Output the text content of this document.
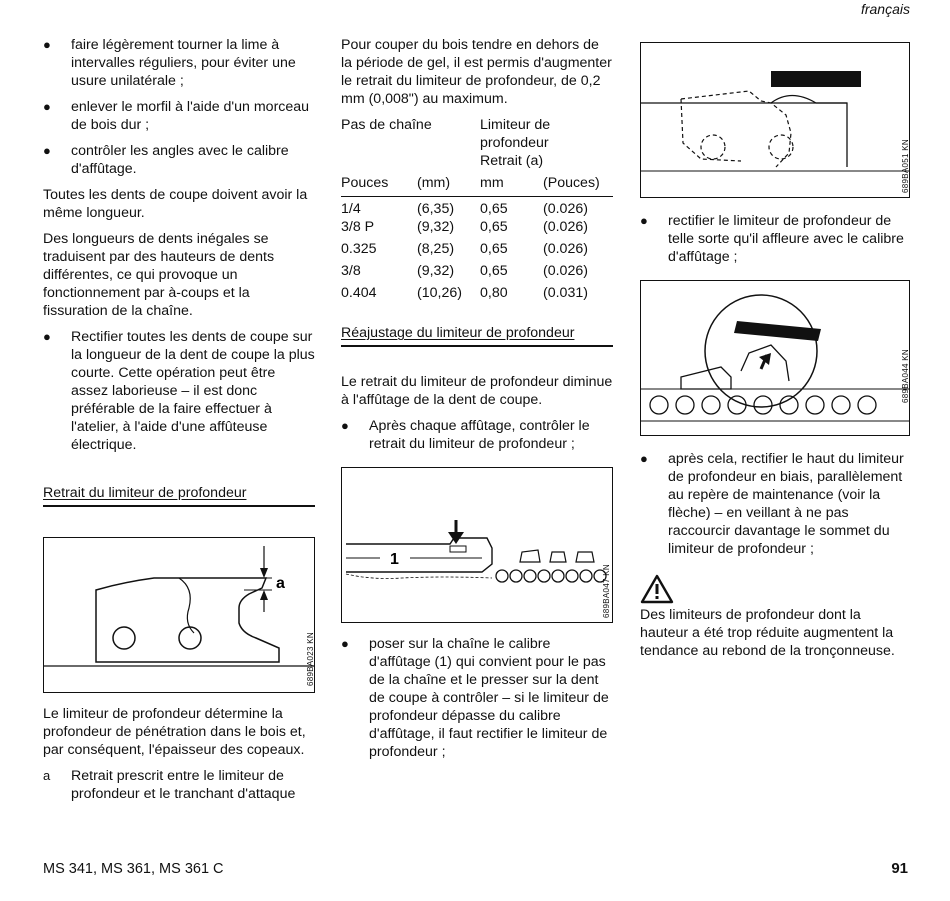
français
● faire légèrement tourner la lime à intervalles réguliers, pour éviter une usure unilatérale ;
● enlever le morfil à l'aide d'un morceau de bois dur ;
● contrôler les angles avec le calibre d'affûtage.

Toutes les dents de coupe doivent avoir la même longueur.

Des longueurs de dents inégales se traduisent par des hauteurs de dents différentes, ce qui provoque un fonctionnement par à-coups et la fissuration de la chaîne.

● Rectifier toutes les dents de coupe sur la longueur de la dent de coupe la plus courte. Cette opération peut être assez laborieuse – il est donc préférable de la faire effectuer à l'atelier, à l'aide d'une affûteuse électrique.
Retrait du limiteur de profondeur
a
689BA023 KN

Le limiteur de profondeur détermine la profondeur de pénétration dans le bois et, par conséquent, l'épaisseur des copeaux.

a Retrait prescrit entre le limiteur de profondeur et le tranchant d'attaque

Pour couper du bois tendre en dehors de la période de gel, il est permis d'augmenter le retrait du limiteur de profondeur, de 0,2 mm (0,008") au maximum.

Pas de chaîne		Limiteur de profondeur	
		Retrait (a)	
Pouces	(mm)	mm	(Pouces)
1/4	(6,35)	0,65	(0.026)
3/8 P	(9,32)	0,65	(0.026)
0.325	(8,25)	0,65	(0.026)
3/8	(9,32)	0,65	(0.026)
0.404	(10,26)	0,80	(0.031)
Réajustage du limiteur de profondeur

Le retrait du limiteur de profondeur diminue à l'affûtage de la dent de coupe.

● Après chaque affûtage, contrôler le retrait du limiteur de profondeur ;
1
689BA047 KN
● poser sur la chaîne le calibre d'affûtage (1) qui convient pour le pas de la chaîne et le presser sur la dent de coupe à contrôler – si le limiteur de profondeur dépasse du calibre d'affûtage, il faut rectifier le limiteur de profondeur ;
689BA051 KN
● rectifier le limiteur de profondeur de telle sorte qu'il affleure avec le calibre d'affûtage ;
689BA044 KN
● après cela, rectifier le haut du limiteur de profondeur en biais, parallèlement au repère de maintenance (voir la flèche) – en veillant à ne pas raccourcir davantage le sommet du limiteur de profondeur ;

Des limiteurs de profondeur dont la hauteur a été trop réduite augmentent la tendance au rebond de la tronçonneuse.

MS 341, MS 361, MS 361 C	91
